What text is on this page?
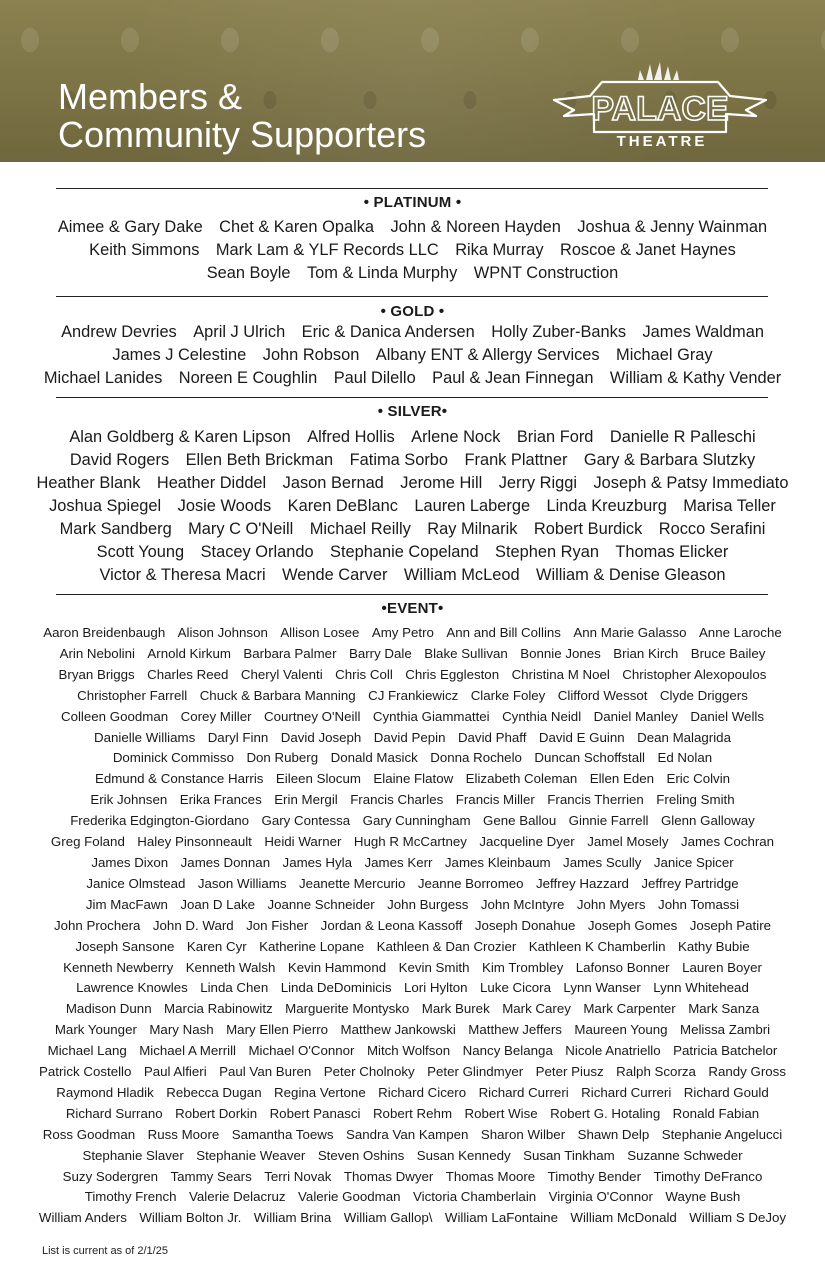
Members &
Community Supporters
PALACE
THEATRE
• PLATINUM •
Aimee & Gary Dake Chet & Karen Opalka John & Noreen Hayden Joshua & Jenny Wainman
Keith Simmons Mark Lam & YLF Records LLC Rika Murray Roscoe & Janet Haynes
Sean Boyle Tom & Linda Murphy WPNT Construction
• GOLD •
Andrew Devries April J Ulrich Eric & Danica Andersen Holly Zuber-Banks James Waldman
James J Celestine John Robson Albany ENT & Allergy Services Michael Gray
Michael Lanides Noreen E Coughlin Paul Dilello Paul & Jean Finnegan William & Kathy Vender
• SILVER•
Alan Goldberg & Karen Lipson Alfred Hollis Arlene Nock Brian Ford Danielle R Palleschi
David Rogers Ellen Beth Brickman Fatima Sorbo Frank Plattner Gary & Barbara Slutzky
Heather Blank Heather Diddel Jason Bernad Jerome Hill Jerry Riggi Joseph & Patsy Immediato
Joshua Spiegel Josie Woods Karen DeBlanc Lauren Laberge Linda Kreuzburg Marisa Teller
Mark Sandberg Mary C O'Neill Michael Reilly Ray Milnarik Robert Burdick Rocco Serafini
Scott Young Stacey Orlando Stephanie Copeland Stephen Ryan Thomas Elicker
Victor & Theresa Macri Wende Carver William McLeod William & Denise Gleason
•EVENT•
Aaron Breidenbaugh Alison Johnson Allison Losee Amy Petro Ann and Bill Collins Ann Marie Galasso Anne Laroche
Arin Nebolini Arnold Kirkum Barbara Palmer Barry Dale Blake Sullivan Bonnie Jones Brian Kirch Bruce Bailey
Bryan Briggs Charles Reed Cheryl Valenti Chris Coll Chris Eggleston Christina M Noel Christopher Alexopoulos
Christopher Farrell Chuck & Barbara Manning CJ Frankiewicz Clarke Foley Clifford Wessot Clyde Driggers
Colleen Goodman Corey Miller Courtney O'Neill Cynthia Giammattei Cynthia Neidl Daniel Manley Daniel Wells
Danielle Williams Daryl Finn David Joseph David Pepin David Phaff David E Guinn Dean Malagrida
Dominick Commisso Don Ruberg Donald Masick Donna Rochelo Duncan Schoffstall Ed Nolan
Edmund & Constance Harris Eileen Slocum Elaine Flatow Elizabeth Coleman Ellen Eden Eric Colvin
Erik Johnsen Erika Frances Erin Mergil Francis Charles Francis Miller Francis Therrien Freling Smith
Frederika Edgington-Giordano Gary Contessa Gary Cunningham Gene Ballou Ginnie Farrell Glenn Galloway
Greg Foland Haley Pinsonneault Heidi Warner Hugh R McCartney Jacqueline Dyer Jamel Mosely James Cochran
James Dixon James Donnan James Hyla James Kerr James Kleinbaum James Scully Janice Spicer
Janice Olmstead Jason Williams Jeanette Mercurio Jeanne Borromeo Jeffrey Hazzard Jeffrey Partridge
Jim MacFawn Joan D Lake Joanne Schneider John Burgess John McIntyre John Myers John Tomassi
John Prochera John D. Ward Jon Fisher Jordan & Leona Kassoff Joseph Donahue Joseph Gomes Joseph Patire
Joseph Sansone Karen Cyr Katherine Lopane Kathleen & Dan Crozier Kathleen K Chamberlin Kathy Bubie
Kenneth Newberry Kenneth Walsh Kevin Hammond Kevin Smith Kim Trombley Lafonso Bonner Lauren Boyer
Lawrence Knowles Linda Chen Linda DeDominicis Lori Hylton Luke Cicora Lynn Wanser Lynn Whitehead
Madison Dunn Marcia Rabinowitz Marguerite Montysko Mark Burek Mark Carey Mark Carpenter Mark Sanza
Mark Younger Mary Nash Mary Ellen Pierro Matthew Jankowski Matthew Jeffers Maureen Young Melissa Zambri
Michael Lang Michael A Merrill Michael O'Connor Mitch Wolfson Nancy Belanga Nicole Anatriello Patricia Batchelor
Patrick Costello Paul Alfieri Paul Van Buren Peter Cholnoky Peter Glindmyer Peter Piusz Ralph Scorza Randy Gross
Raymond Hladik Rebecca Dugan Regina Vertone Richard Cicero Richard Curreri Richard Curreri Richard Gould
Richard Surrano Robert Dorkin Robert Panasci Robert Rehm Robert Wise Robert G. Hotaling Ronald Fabian
Ross Goodman Russ Moore Samantha Toews Sandra Van Kampen Sharon Wilber Shawn Delp Stephanie Angelucci
Stephanie Slaver Stephanie Weaver Steven Oshins Susan Kennedy Susan Tinkham Suzanne Schweder
Suzy Sodergren Tammy Sears Terri Novak Thomas Dwyer Thomas Moore Timothy Bender Timothy DeFranco
Timothy French Valerie Delacruz Valerie Goodman Victoria Chamberlain Virginia O'Connor Wayne Bush
William Anders William Bolton Jr. William Brina William Gallop\ William LaFontaine William McDonald William S DeJoy
List is current as of 2/1/25
